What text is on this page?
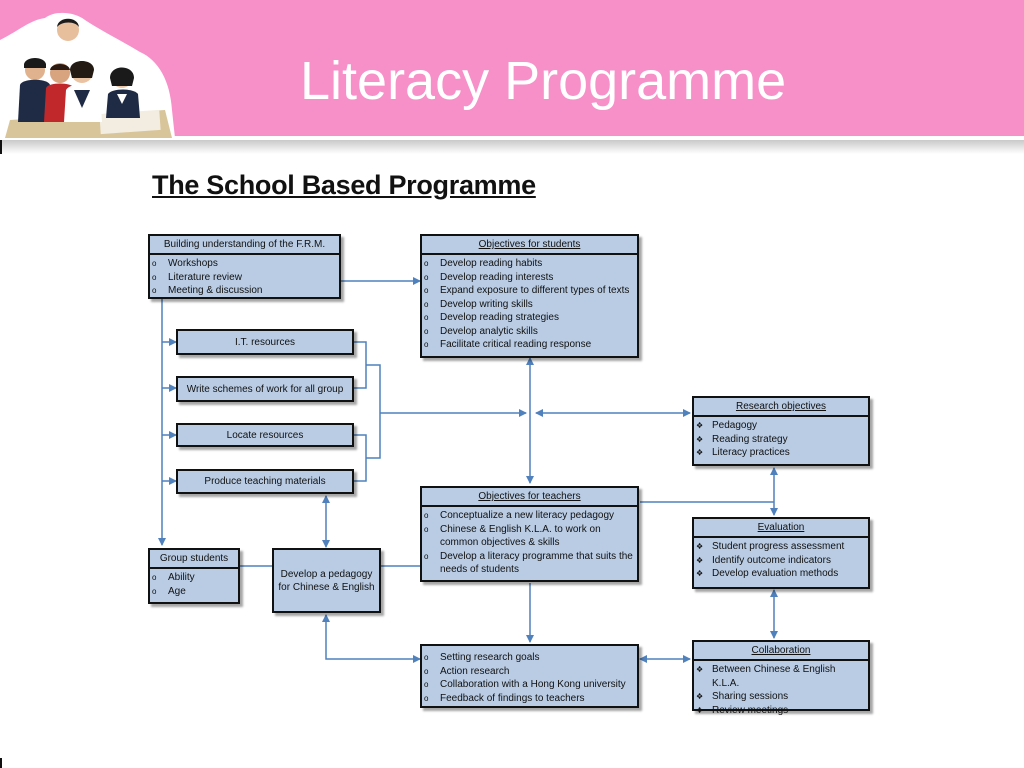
Literacy Programme
The School Based Programme
Building understanding of the F.R.M.
o Workshops
o Literature review
o Meeting & discussion
Objectives for students
o Develop reading habits
o Develop reading interests
o Expand exposure to different types of texts
o Develop writing skills
o Develop reading strategies
o Develop analytic skills
o Facilitate critical reading response
I.T. resources
Write schemes of work for all group
Locate resources
Produce teaching materials
Research objectives
❖ Pedagogy
❖ Reading strategy
❖ Literacy practices
Objectives for teachers
o Conceptualize a new literacy pedagogy
o Chinese & English K.L.A. to work on common objectives & skills
o Develop a literacy programme that suits the needs of students
Evaluation
❖ Student progress assessment
❖ Identify outcome indicators
❖ Develop evaluation methods
Group students
o Ability
o Age
Develop a pedagogy for Chinese & English
o Setting research goals
o Action research
o Collaboration with a Hong Kong university
o Feedback of findings to teachers
Collaboration
❖ Between Chinese & English K.L.A.
❖ Sharing sessions
❖ Review meetings
